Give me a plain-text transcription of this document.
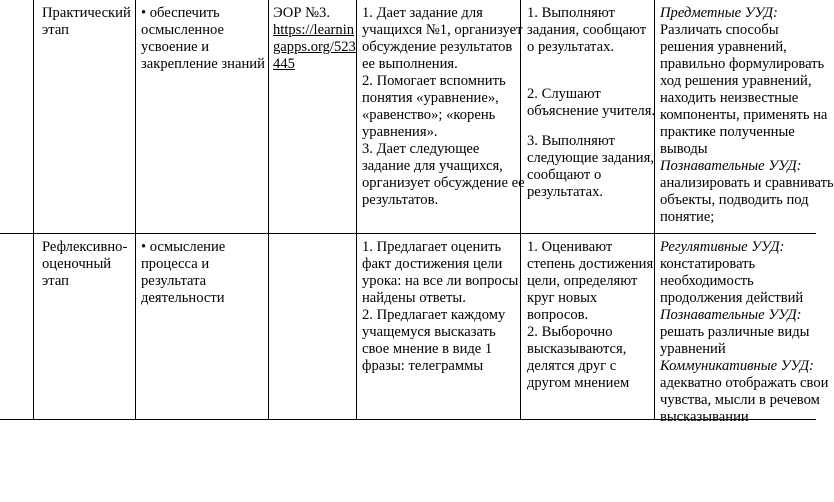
Практический
этап
• обеспечить
осмысленное
усвоение и
закрепление знаний
ЭОР №3.
https://learnin
gapps.org/523
445
1. Дает задание для
учащихся №1, организует
обсуждение результатов
ее выполнения.
2. Помогает вспомнить
понятия «уравнение»,
«равенство»; «корень
уравнения».
3. Дает следующее
задание для учащихся,
организует обсуждение ее
результатов.
1. Выполняют
задания, сообщают
о результатах.
2. Слушают
объяснение учителя.
3. Выполняют
следующие задания,
сообщают о
результатах.
Предметные УУД:
Различать способы
решения уравнений,
правильно формулировать
ход решения уравнений,
находить неизвестные
компоненты, применять на
практике полученные
выводы
Познавательные УУД:
анализировать и сравнивать
объекты, подводить под
понятие;
Рефлексивно-
оценочный
этап
• осмысление
процесса и
результата
деятельности
1. Предлагает оценить
факт достижения цели
урока: на все ли вопросы
найдены ответы.
2. Предлагает каждому
учащемуся высказать
свое мнение в виде 1
фразы: телеграммы
1. Оценивают
степень достижения
цели, определяют
круг новых
вопросов.
2. Выборочно
высказываются,
делятся друг с
другом мнением
Регулятивные УУД:
констатировать
необходимость
продолжения действий
Познавательные УУД:
решать различные виды
уравнений
Коммуникативные УУД:
адекватно отображать свои
чувства, мысли в речевом
высказывании
